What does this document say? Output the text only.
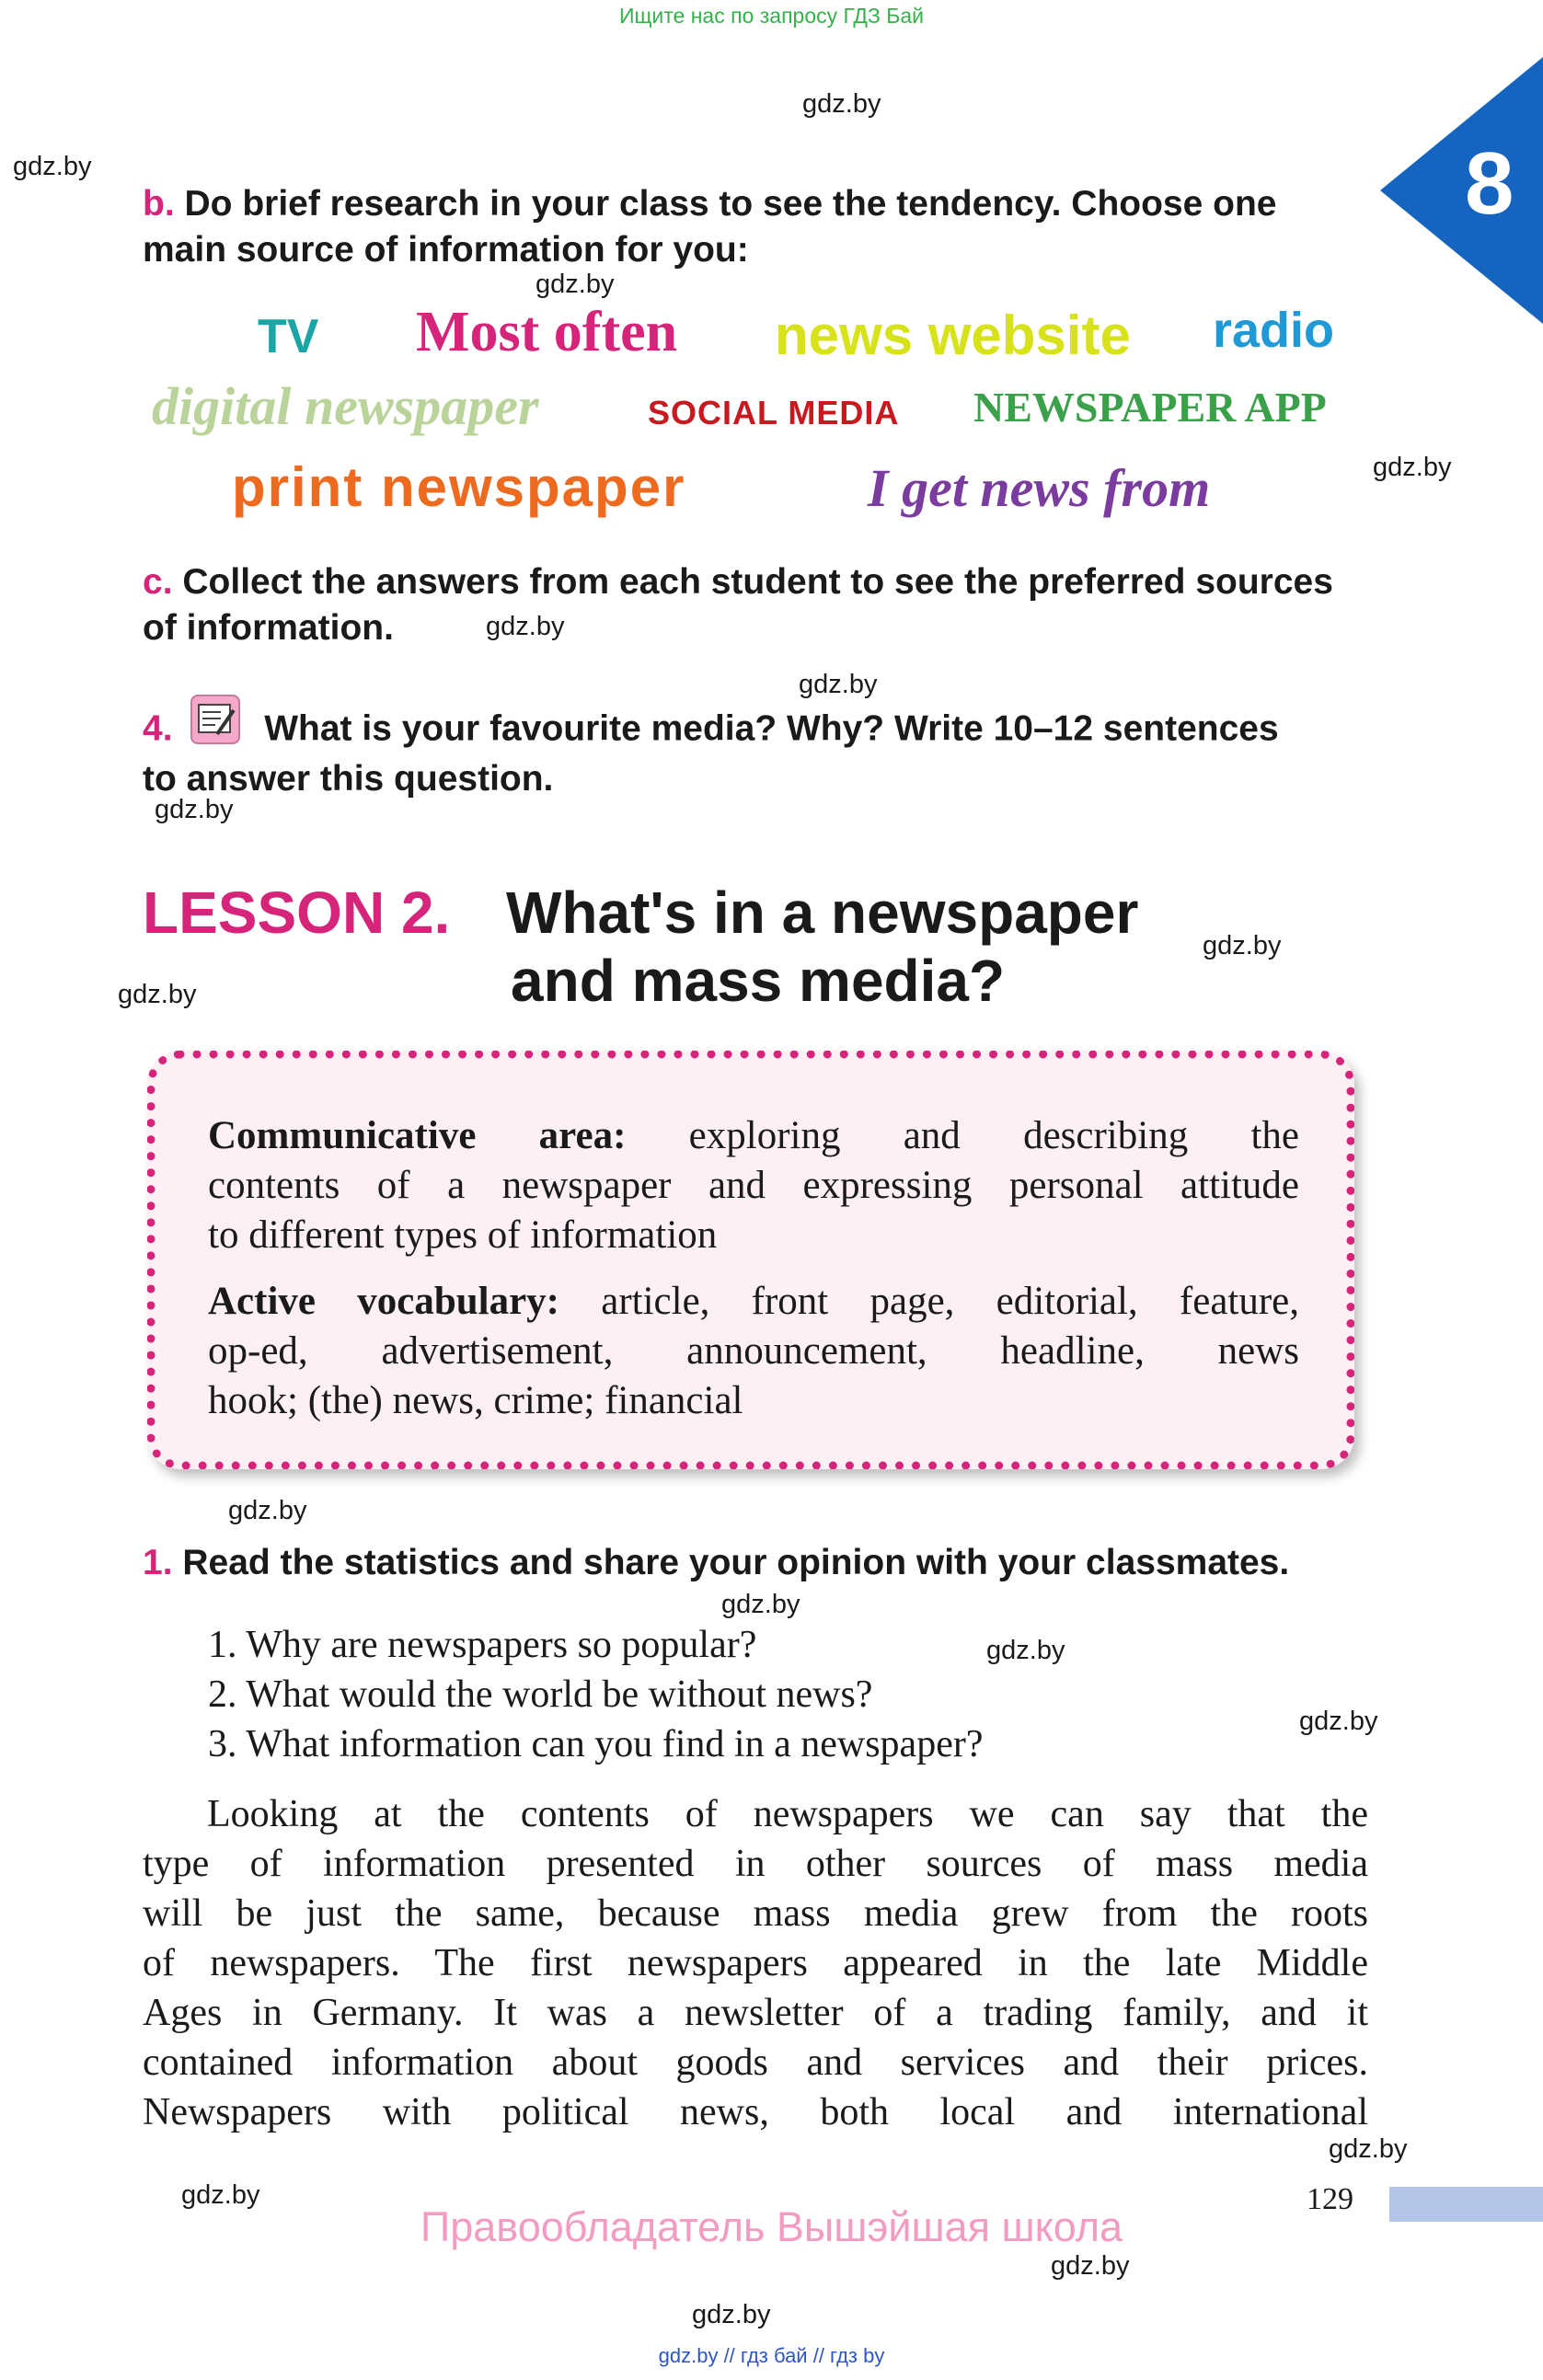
Ищите нас по запросу ГДЗ Бай
8
gdz.by
gdz.by
gdz.by
gdz.by
gdz.by
gdz.by
gdz.by
gdz.by
gdz.by
gdz.by
gdz.by
gdz.by
gdz.by
gdz.by
gdz.by
gdz.by
gdz.by
b. Do brief research in your class to see the tendency. Choose one
main source of information for you:
TV Most often news website radio
digital newspaper	SOCIAL MEDIA NEWSPAPER APP
print newspaper	I get news from
c. Collect the answers from each student to see the preferred sources
of information.
4.	What is your favourite media? Why? Write 10–12 sentences
to answer this question.
LESSON 2. What's in a newspaper
and mass media?
Communicative area: exploring and describing the
contents of a newspaper and expressing personal attitude
to different types of information
Active vocabulary: article, front page, editorial, feature,
op-ed, advertisement, announcement, headline, news
hook; (the) news, crime; financial
1. Read the statistics and share your opinion with your classmates.
1. Why are newspapers so popular?
2. What would the world be without news?
3. What information can you find in a newspaper?
Looking at the contents of newspapers we can say that the
type of information presented in other sources of mass media
will be just the same, because mass media grew from the roots
of newspapers. The first newspapers appeared in the late Middle
Ages in Germany. It was a newsletter of a trading family, and it
contained information about goods and services and their prices.
Newspapers with political news, both local and international
129
Правообладатель Вышэйшая школа
gdz.by // гдз бай // гдз by
